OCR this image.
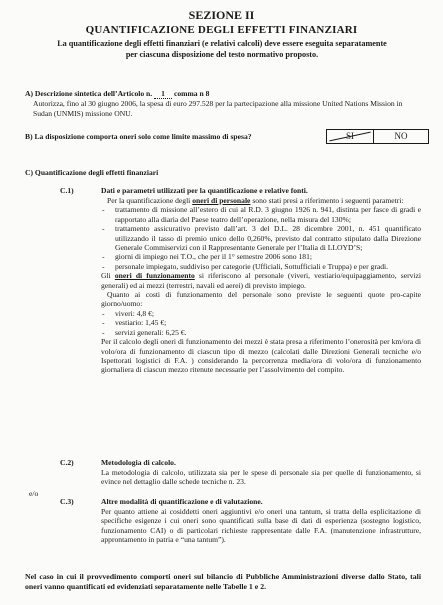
SEZIONE II
QUANTIFICAZIONE DEGLI EFFETTI FINANZIARI
La quantificazione degli effetti finanziari (e relativi calcoli) deve essere eseguita separatamente per ciascuna disposizione del testo normativo proposto.
A) Descrizione sintetica dell’Articolo n. 1 comma n 8
Autorizza, fino al 30 giugno 2006, la spesa di euro 297.528 per la partecipazione alla missione United Nations Mission in Sudan (UNMIS) missione ONU.
B) La disposizione comporta oneri solo come limite massimo di spesa?	SI	NO
C) Quantificazione degli effetti finanziari
C.1)	Dati e parametri utilizzati per la quantificazione e relative fonti.
Per la quantificazione degli oneri di personale sono stati presi a riferimento i seguenti parametri:
- trattamento di missione all’estero di cui al R.D. 3 giugno 1926 n. 941, distinta per fasce di gradi e rapportato alla diaria del Paese teatro dell’operazione, nella misura del 130%;
- trattamento assicurativo previsto dall’art. 3 del D.L. 28 dicembre 2001, n. 451 quantificato utilizzando il tasso di premio unico dello 0,260%, previsto dal contratto stipulato dalla Direzione Generale Commiservizi con il Rappresentante Generale per l’Italia di LLOYD’S;
- giorni di impiego nei T.O., che per il 1° semestre 2006 sono 181;
- personale impiegato, suddiviso per categorie (Ufficiali, Sottufficiali e Truppa) e per gradi.
Gli oneri di funzionamento si riferiscono al personale (viveri, vestiario/equipaggiamento, servizi generali) ed ai mezzi (terrestri, navali ed aerei) di previsto impiego.
Quanto ai costi di funzionamento del personale sono previste le seguenti quote pro-capite giorno/uomo:
- viveri: 4,8 €;
- vestiario: 1,45 €;
- servizi generali: 6,25 €.
Per il calcolo degli oneri di funzionamento dei mezzi è stata presa a riferimento l’onerosità per km/ora di volo/ora di funzionamento di ciascun tipo di mezzo (calcolati dalle Direzioni Generali tecniche e/o Ispettorati logistici di F.A. ) considerando la percorrenza media/ora di volo/ora di funzionamento giornaliera di ciascun mezzo ritenute necessarie per l’assolvimento del compito.
C.2)	Metodologia di calcolo.
La metodologia di calcolo, utilizzata sia per le spese di personale sia per quelle di funzionamento, si evince nel dettaglio dalle schede tecniche n. 23.
e/o
C.3)	Altre modalità di quantificazione e di valutazione.
Per quanto attiene ai cosiddetti oneri aggiuntivi e/o oneri una tantum, si tratta della esplicitazione di specifiche esigenze i cui oneri sono quantificati sulla base di dati di esperienza (sostegno logistico, funzionamento CAI) o di particolari richieste rappresentate dalle F.A. (manutenzione infrastrutture, approntamento in patria e “una tantum”).
Nel caso in cui il provvedimento comporti oneri sul bilancio di Pubbliche Amministrazioni diverse dallo Stato, tali oneri vanno quantificati ed evidenziati separatamente nelle Tabelle 1 e 2.
